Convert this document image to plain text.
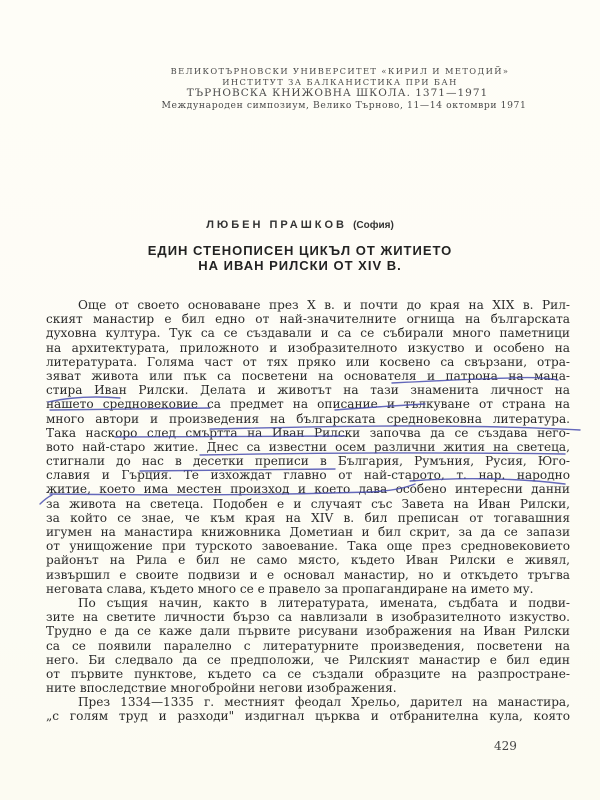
ВЕЛИКОТЪРНОВСКИ УНИВЕРСИТЕТ «КИРИЛ И МЕТОДИЙ»
ИНСТИТУТ ЗА БАЛКАНИСТИКА ПРИ БАН
ТЪРНОВСКА КНИЖОВНА ШКОЛА. 1371—1971
Международен симпозиум, Велико Търново, 11—14 октомври 1971
ЛЮБЕН ПРАШКОВ (София)
ЕДИН СТЕНОПИСЕН ЦИКЪЛ ОТ ЖИТИЕТО
НА ИВАН РИЛСКИ ОТ XIV В.
Още от своето основаване през X в. и почти до края на XIX в. Рил-
ският манастир е бил едно от най-значителните огнища на българската
духовна култура. Тук са се създавали и са се събирали много паметници
на архитектурата, приложното и изобразителното изкуство и особено на
литературата. Голяма част от тях пряко или косвено са свързани, отра-
зяват живота или пък са посветени на основателя и патрона на мана-
стира Иван Рилски. Делата и животът на тази знаменита личност на
нашето средновековие са предмет на описание и тълкуване от страна на
много автори и произведения на българската средновековна литература.
Така наскоро след смъртта на Иван Рилски започва да се създава него-
вото най-старо житие. Днес са известни осем различни жития на светеца,
стигнали до нас в десетки преписи в България, Румъния, Русия, Юго-
славия и Гърция. Те изхождат главно от най-старото, т. нар. народно
житие, което има местен произход и което дава особено интересни данни
за живота на светеца. Подобен е и случаят със Завета на Иван Рилски,
за който се знае, че към края на XIV в. бил преписан от тогавашния
игумен на манастира книжовника Дометиан и бил скрит, за да се запази
от унищожение при турското завоевание. Така още през средновековието
районът на Рила е бил не само място, където Иван Рилски е живял,
извършил е своите подвизи и е основал манастир, но и откъдето тръгва
неговата слава, където много се е правело за пропагандиране на името му.
По същия начин, както в литературата, имената, съдбата и подви-
зите на светите личности бързо са навлизали в изобразителното изкуство.
Трудно е да се каже дали първите рисувани изображения на Иван Рилски
са се появили паралелно с литературните произведения, посветени на
него. Би следвало да се предположи, че Рилският манастир е бил един
от първите пунктове, където са се създали образците на разпростране-
ните впоследствие многобройни негови изображения.
През 1334—1335 г. местният феодал Хрельо, дарител на манастира,
„с голям труд и разходи" издигнал църква и отбранителна кула, която
429
